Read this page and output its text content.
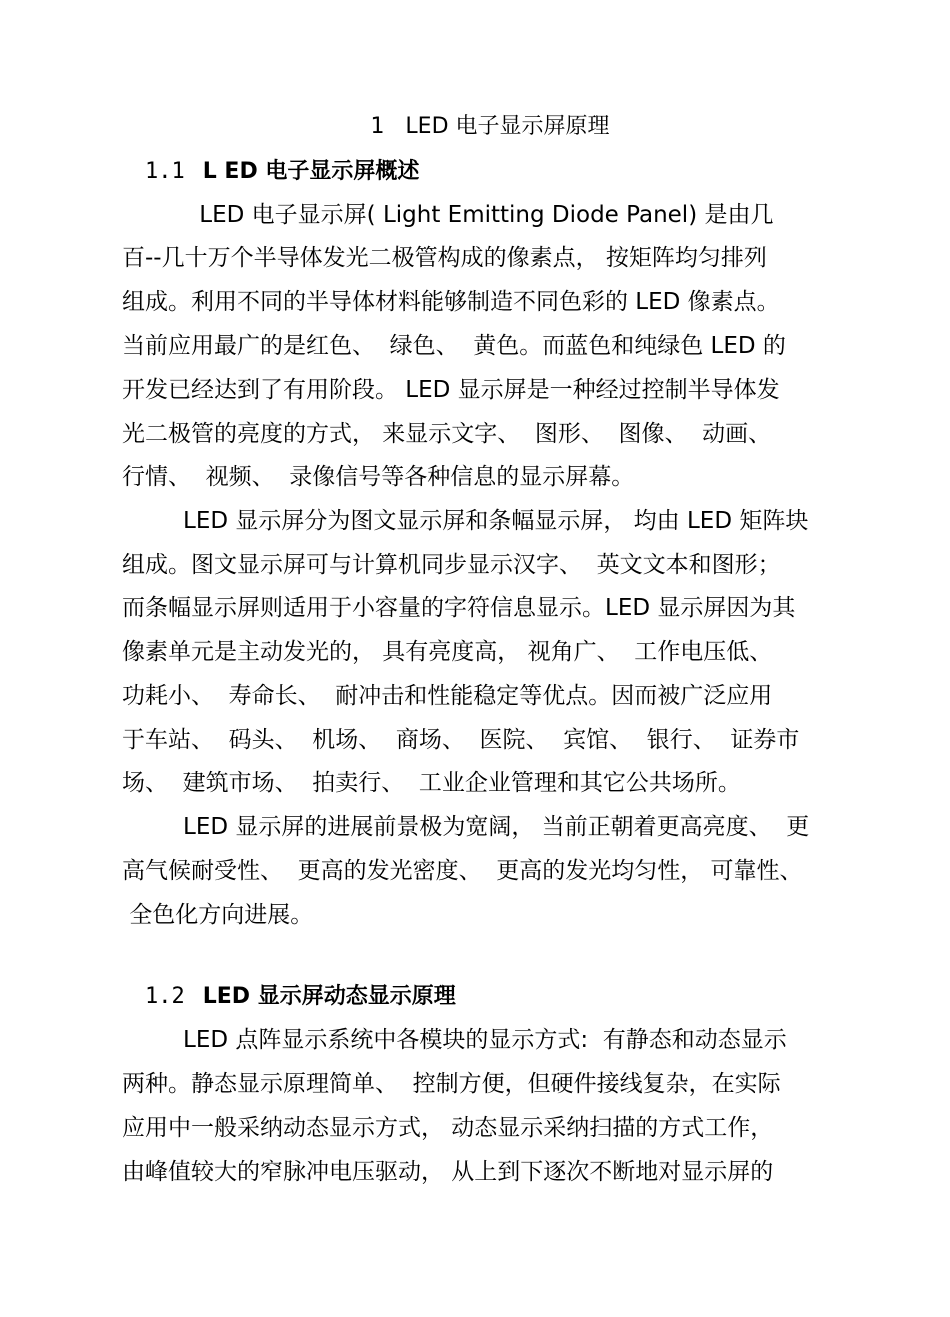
1   LED 电子显示屏原理
1.1 L ED 电子显示屏概述
LED 电子显示屏( Light Emitting Diode Panel) 是由几
百--几十万个半导体发光二极管构成的像素点， 按矩阵均匀排列
组成。利用不同的半导体材料能够制造不同色彩的 LED 像素点。
当前应用最广的是红色、  绿色、  黄色。而蓝色和纯绿色 LED 的
开发已经达到了有用阶段。 LED 显示屏是一种经过控制半导体发
光二极管的亮度的方式， 来显示文字、  图形、  图像、  动画、
行情、  视频、  录像信号等各种信息的显示屏幕。
LED 显示屏分为图文显示屏和条幅显示屏， 均由 LED 矩阵块
组成。图文显示屏可与计算机同步显示汉字、  英文文本和图形；
而条幅显示屏则适用于小容量的字符信息显示。LED 显示屏因为其
像素单元是主动发光的， 具有亮度高， 视角广、  工作电压低、
功耗小、  寿命长、  耐冲击和性能稳定等优点。因而被广泛应用
于车站、  码头、  机场、  商场、  医院、  宾馆、  银行、  证券市
场、  建筑市场、  拍卖行、  工业企业管理和其它公共场所。
LED 显示屏的进展前景极为宽阔， 当前正朝着更高亮度、  更
高气候耐受性、  更高的发光密度、  更高的发光均匀性， 可靠性、
全色化方向进展。
1.2 LED 显示屏动态显示原理
LED 点阵显示系统中各模块的显示方式:  有静态和动态显示
两种。静态显示原理简单、  控制方便，但硬件接线复杂，在实际
应用中一般采纳动态显示方式， 动态显示采纳扫描的方式工作，
由峰值较大的窄脉冲电压驱动， 从上到下逐次不断地对显示屏的
